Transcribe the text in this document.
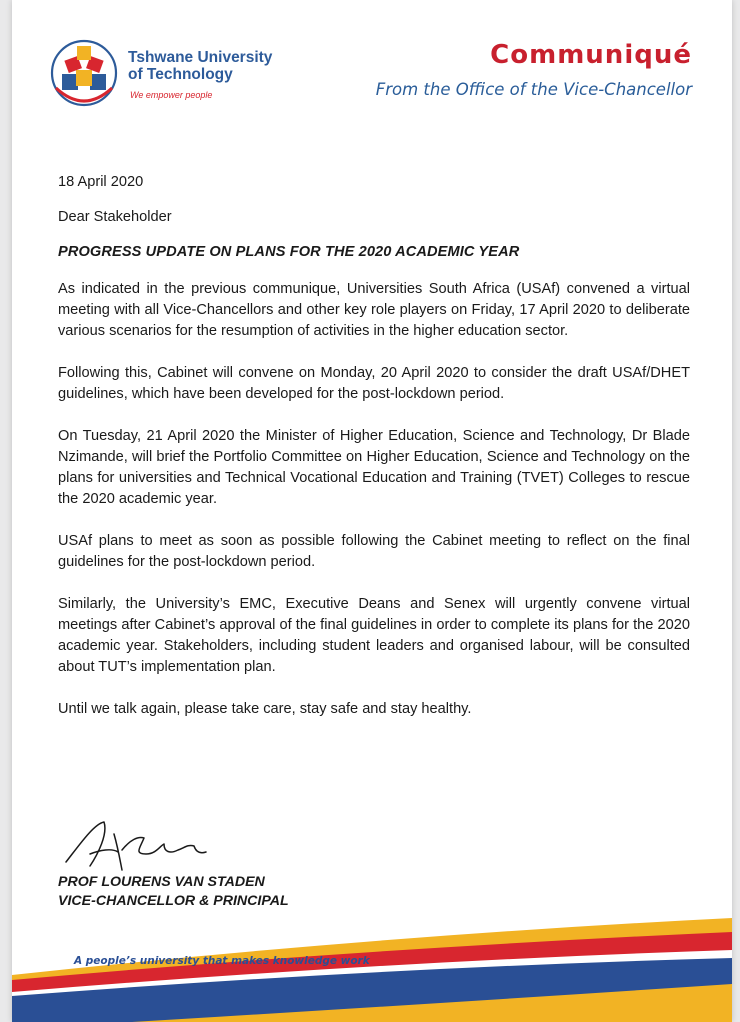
Tshwane University
of Technology
We empower people
Communiqué
From the Office of the Vice-Chancellor

18 April 2020

Dear Stakeholder

PROGRESS UPDATE ON PLANS FOR THE 2020 ACADEMIC YEAR

As indicated in the previous communique, Universities South Africa (USAf) convened a virtual meeting with all Vice-Chancellors and other key role players on Friday, 17 April 2020 to deliberate various scenarios for the resumption of activities in the higher education sector.

Following this, Cabinet will convene on Monday, 20 April 2020 to consider the draft USAf/DHET guidelines, which have been developed for the post-lockdown period.

On Tuesday, 21 April 2020 the Minister of Higher Education, Science and Technology, Dr Blade Nzimande, will brief the Portfolio Committee on Higher Education, Science and Technology on the plans for universities and Technical Vocational Education and Training (TVET) Colleges to rescue the 2020 academic year.

USAf plans to meet as soon as possible following the Cabinet meeting to reflect on the final guidelines for the post-lockdown period.

Similarly, the University’s EMC, Executive Deans and Senex will urgently convene virtual meetings after Cabinet’s approval of the final guidelines in order to complete its plans for the 2020 academic year. Stakeholders, including student leaders and organised labour, will be consulted about TUT’s implementation plan.

Until we talk again, please take care, stay safe and stay healthy.

PROF LOURENS VAN STADEN
VICE-CHANCELLOR & PRINCIPAL
A people’s university that makes knowledge work
